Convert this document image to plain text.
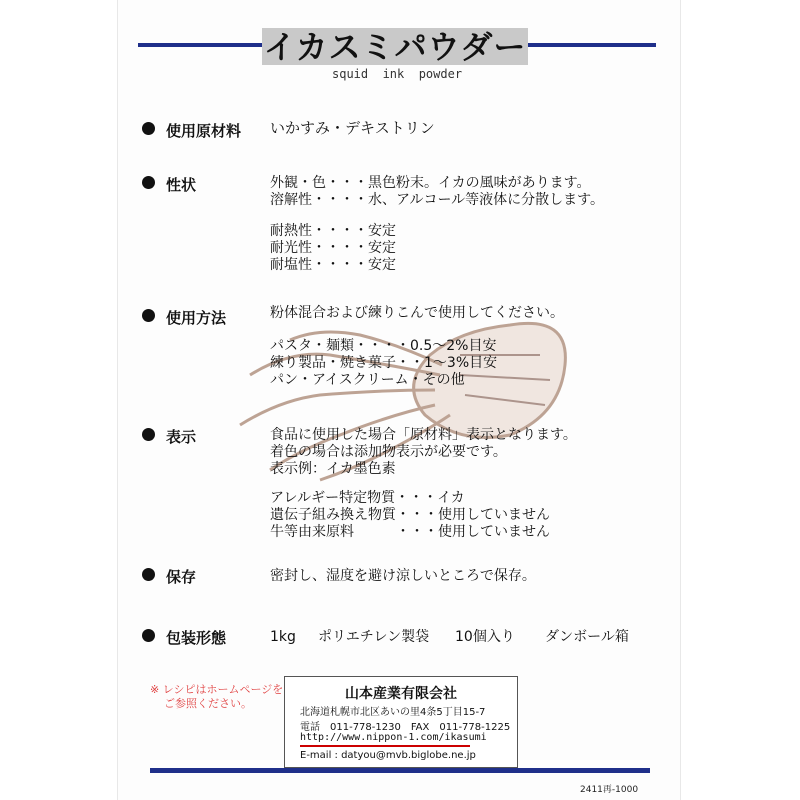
イカスミパウダー
squid  ink  powder
使用原材料 いかすみ・デキストリン
性状	外観・色・・・黒色粉末。イカの風味があります。
溶解性・・・・水、アルコール等液体に分散します。
耐熱性・・・・安定
耐光性・・・・安定
耐塩性・・・・安定
使用方法	粉体混合および練りこんで使用してください。
パスタ・麺類・・・・0.5～2%目安
練り製品・焼き菓子・・1～3%目安
パン・アイスクリーム・その他
表示	食品に使用した場合「原材料」表示となります。
着色の場合は添加物表示が必要です。
表示例：イカ墨色素
アレルギー特定物質・・・イカ
遺伝子組み換え物質・・・使用していません
牛等由来原料　　　・・・使用していません
保存	密封し、湿度を避け涼しいところで保存。
包装形態	1kg ポリエチレン製袋 10個入り ダンボール箱
※ レシピはホームページを
ご参照ください。
山本産業有限会社
北海道札幌市北区あいの里4条5丁目15-7
電話　011-778-1230　FAX　011-778-1225
http://www.nippon-1.com/ikasumi
E-mail : datyou@mvb.biglobe.ne.jp
2411再-1000
